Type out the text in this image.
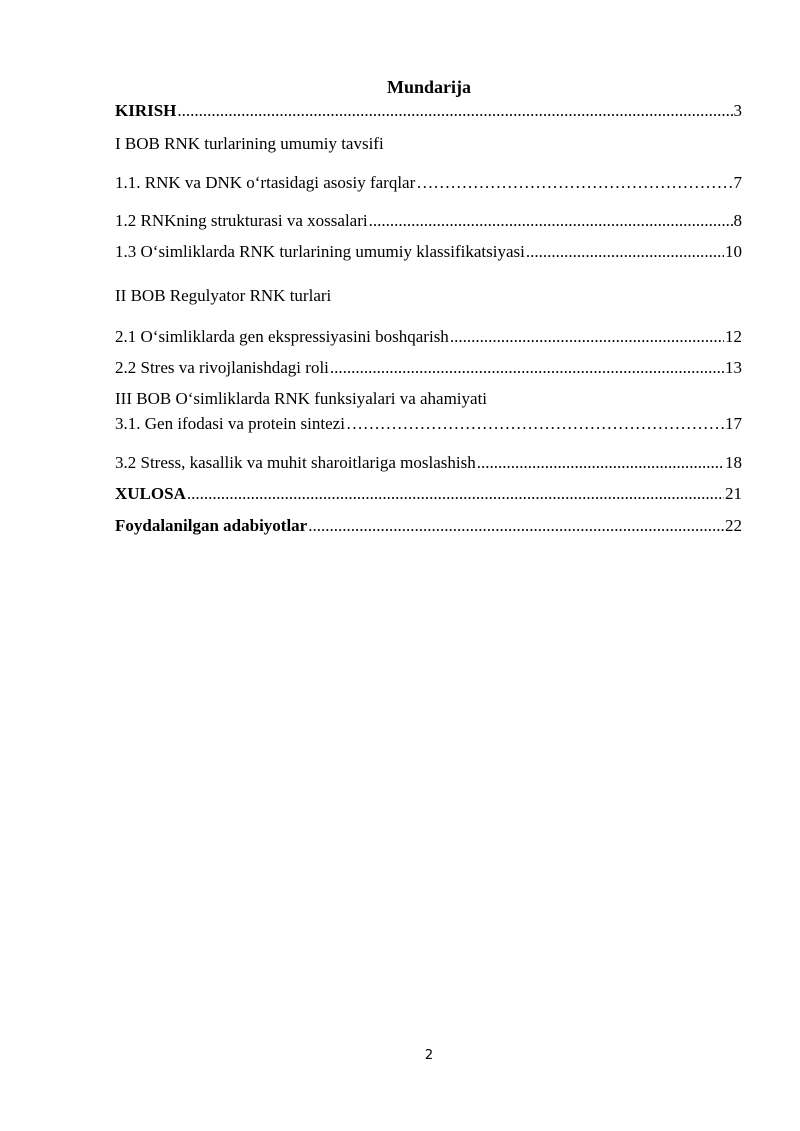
Mundarija
KIRISH .....	3
I BOB RNK turlarining umumiy tavsifi
1.1. RNK va DNK o‘rtasidagi asosiy farqlar ………………………………………………………………………………………………………………………………………………………………………………	7
1.2 RNKning strukturasi va xossalari .....	8
1.3 O‘simliklarda RNK turlarining umumiy klassifikatsiyasi .....	10
II BOB Regulyator RNK turlari
2.1 O‘simliklarda gen ekspressiyasini boshqarish .....	12
2.2 Stres va rivojlanishdagi roli .....	13
III BOB O‘simliklarda RNK funksiyalari va ahamiyati
3.1. Gen ifodasi va protein sintezi ………………………………………………………………………………………………………………………………………………………………………………	17
3.2 Stress, kasallik va muhit sharoitlariga moslashish .....	18
XULOSA .....	21
Foydalanilgan adabiyotlar .....	22
2
